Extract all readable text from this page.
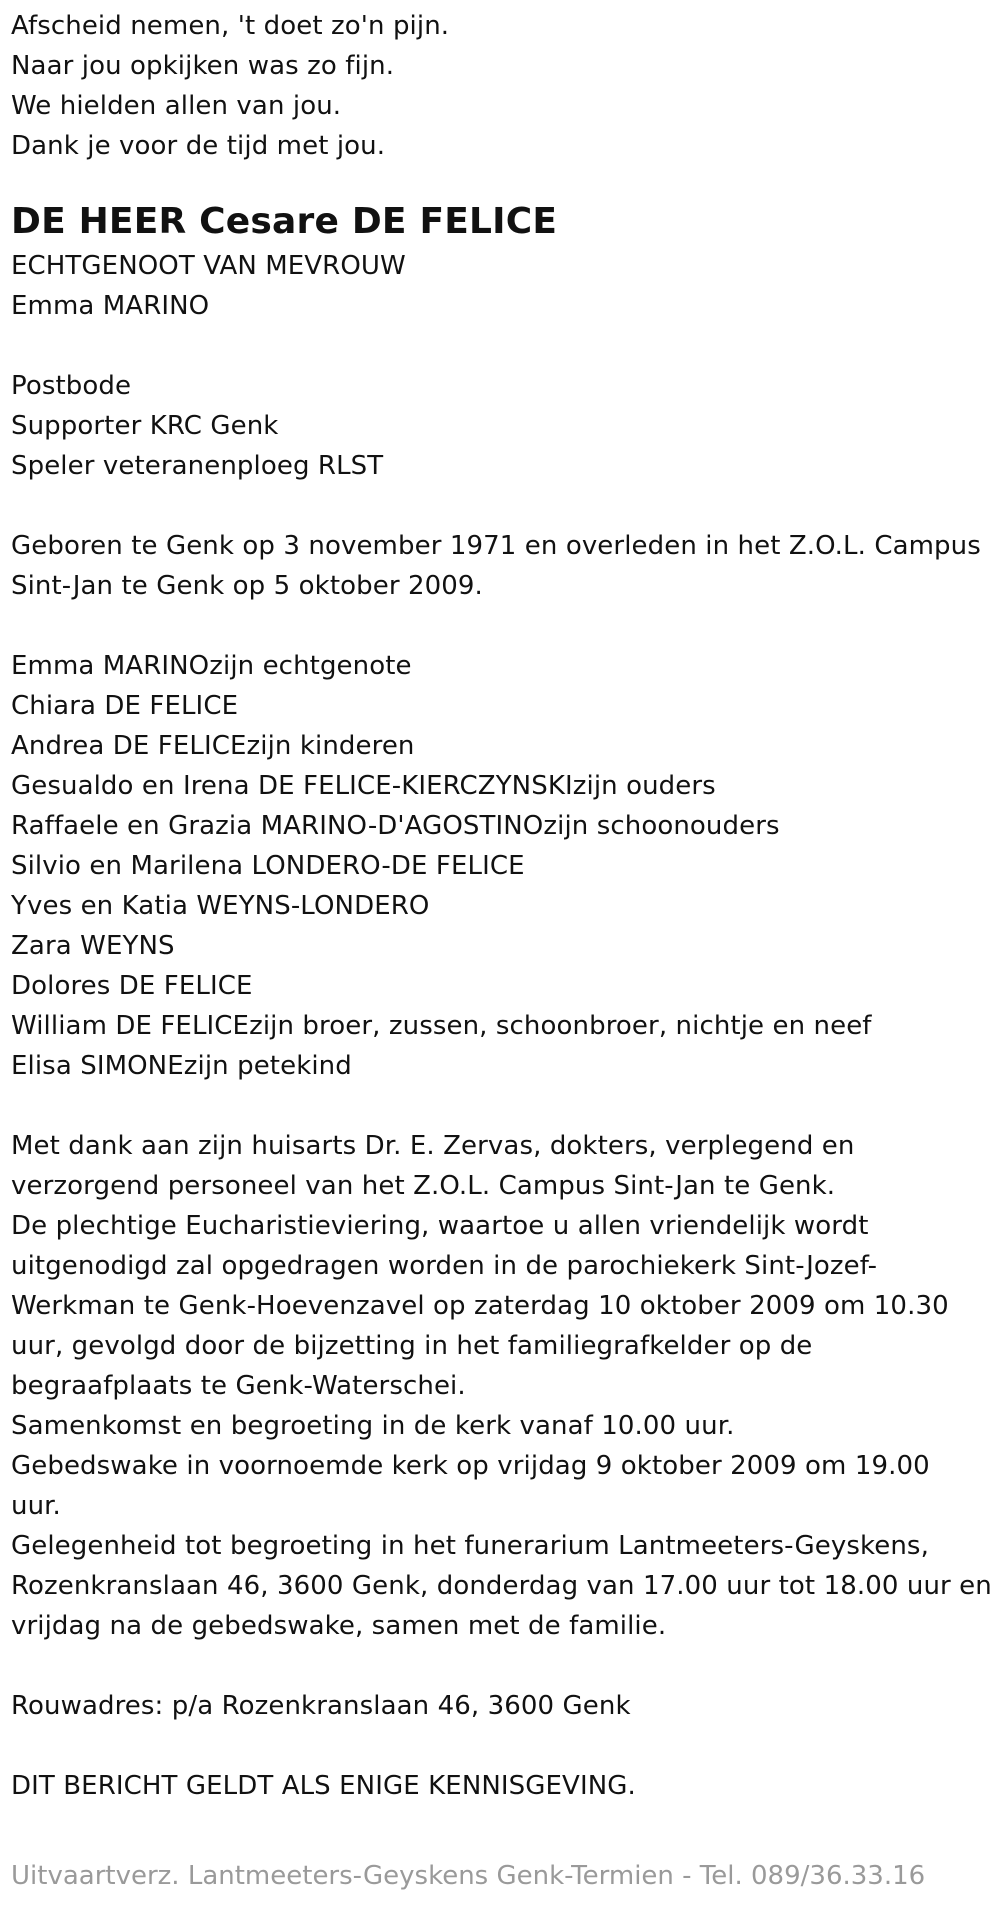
Afscheid nemen, 't doet zo'n pijn.
Naar jou opkijken was zo fijn.
We hielden allen van jou.
Dank je voor de tijd met jou.
DE HEER Cesare DE FELICE
ECHTGENOOT VAN MEVROUW
Emma MARINO
Postbode
Supporter KRC Genk
Speler veteranenploeg RLST
Geboren te Genk op 3 november 1971 en overleden in het Z.O.L. Campus
Sint-Jan te Genk op 5 oktober 2009.
Emma MARINOzijn echtgenote
Chiara DE FELICE
Andrea DE FELICEzijn kinderen
Gesualdo en Irena DE FELICE-KIERCZYNSKIzijn ouders
Raffaele en Grazia MARINO-D'AGOSTINOzijn schoonouders
Silvio en Marilena LONDERO-DE FELICE
Yves en Katia WEYNS-LONDERO
Zara WEYNS
Dolores DE FELICE
William DE FELICEzijn broer, zussen, schoonbroer, nichtje en neef
Elisa SIMONEzijn petekind
Met dank aan zijn huisarts Dr. E. Zervas, dokters, verplegend en
verzorgend personeel van het Z.O.L. Campus Sint-Jan te Genk.
De plechtige Eucharistieviering, waartoe u allen vriendelijk wordt
uitgenodigd zal opgedragen worden in de parochiekerk Sint-Jozef-
Werkman te Genk-Hoevenzavel op zaterdag 10 oktober 2009 om 10.30
uur, gevolgd door de bijzetting in het familiegrafkelder op de
begraafplaats te Genk-Waterschei.
Samenkomst en begroeting in de kerk vanaf 10.00 uur.
Gebedswake in voornoemde kerk op vrijdag 9 oktober 2009 om 19.00
uur.
Gelegenheid tot begroeting in het funerarium Lantmeeters-Geyskens,
Rozenkranslaan 46, 3600 Genk, donderdag van 17.00 uur tot 18.00 uur en
vrijdag na de gebedswake, samen met de familie.
Rouwadres: p/a Rozenkranslaan 46, 3600 Genk
DIT BERICHT GELDT ALS ENIGE KENNISGEVING.
Uitvaartverz. Lantmeeters-Geyskens Genk-Termien - Tel. 089/36.33.16
